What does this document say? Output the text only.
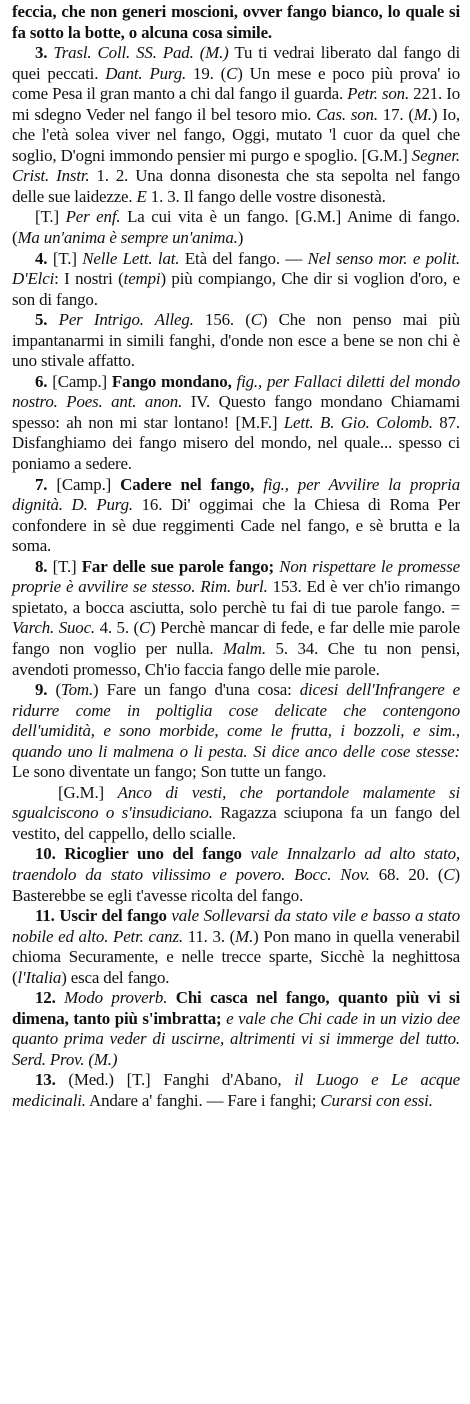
feccia, che non generi moscioni, ovver fango bianco, lo quale si fa sotto la botte, o alcuna cosa simile.

3. Trasl. Coll. SS. Pad. (M.) Tu ti vedrai liberato dal fango di quei peccati. Dant. Purg. 19. (C) Un mese e poco più prova' io come Pesa il gran manto a chi dal fango il guarda. Petr. son. 221. Io mi sdegno Veder nel fango il bel tesoro mio. Cas. son. 17. (M.) Io, che l'età solea viver nel fango, Oggi, mutato 'l cuor da quel che soglio, D'ogni immondo pensier mi purgo e spoglio. [G.M.] Segner. Crist. Instr. 1. 2. Una donna disonesta che sta sepolta nel fango delle sue laidezze. E 1. 3. Il fango delle vostre disonestà.

[T.] Per enf. La cui vita è un fango. [G.M.] Anime di fango. (Ma un'anima è sempre un'anima.)

4. [T.] Nelle Lett. lat. Età del fango. — Nel senso mor. e polit. D'Elci: I nostri (tempi) più compiango, Che dir si voglion d'oro, e son di fango.

5. Per Intrigo. Alleg. 156. (C) Che non penso mai più impantanarmi in simili fanghi, d'onde non esce a bene se non chi è uno stivale affatto.

6. [Camp.] Fango mondano, fig., per Fallaci diletti del mondo nostro. Poes. ant. anon. IV. Questo fango mondano Chiamami spesso: ah non mi star lontano! [M.F.] Lett. B. Gio. Colomb. 87. Disfanghiamo dei fango misero del mondo, nel quale... spesso ci poniamo a sedere.

7. [Camp.] Cadere nel fango, fig., per Avvilire la propria dignità. D. Purg. 16. Di' oggimai che la Chiesa di Roma Per confondere in sè due reggimenti Cade nel fango, e sè brutta e la soma.

8. [T.] Far delle sue parole fango; Non rispettare le promesse proprie è avvilire se stesso. Rim. burl. 153. Ed è ver ch'io rimango spietato, a bocca asciutta, solo perchè tu fai di tue parole fango. = Varch. Suoc. 4. 5. (C) Perchè mancar di fede, e far delle mie parole fango non voglio per nulla. Malm. 5. 34. Che tu non pensi, avendoti promesso, Ch'io faccia fango delle mie parole.

9. (Tom.) Fare un fango d'una cosa: dicesi dell'Infrangere e ridurre come in poltiglia cose delicate che contengono dell'umidità, e sono morbide, come le frutta, i bozzoli, e sim., quando uno li malmena o li pesta. Si dice anco delle cose stesse: Le sono diventate un fango; Son tutte un fango.

[G.M.] Anco di vesti, che portandole malamente si sgualciscono o s'insudiciano. Ragazza sciupona fa un fango del vestito, del cappello, dello scialle.

10. Ricoglier uno del fango vale Innalzarlo ad alto stato, traendolo da stato vilissimo e povero. Bocc. Nov. 68. 20. (C) Basterebbe se egli t'avesse ricolta del fango.

11. Uscir del fango vale Sollevarsi da stato vile e basso a stato nobile ed alto. Petr. canz. 11. 3. (M.) Pon mano in quella venerabil chioma Securamente, e nelle trecce sparte, Sicchè la neghittosa (l'Italia) esca del fango.

12. Modo proverb. Chi casca nel fango, quanto più vi si dimena, tanto più s'imbratta; e vale che Chi cade in un vizio dee quanto prima veder di uscirne, altrimenti vi si immerge del tutto. Serd. Prov. (M.)

13. (Med.) [T.] Fanghi d'Abano, il Luogo e Le acque medicinali. Andare a' fanghi. — Fare i fanghi; Curarsi con essi.
